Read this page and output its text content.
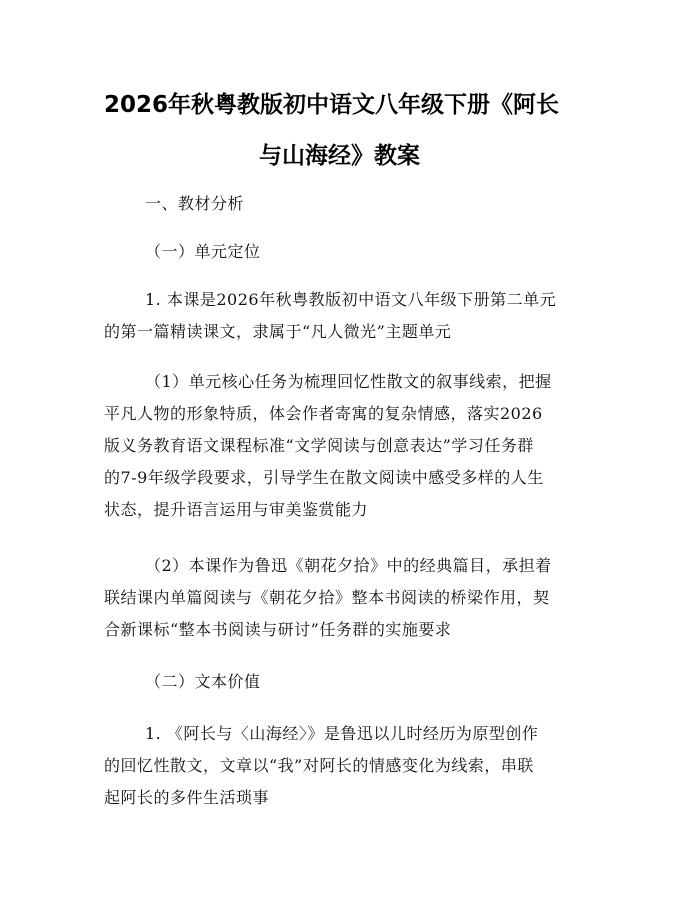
2026年秋粤教版初中语文八年级下册《阿长
与山海经》教案
一、教材分析
（一）单元定位
1. 本课是2026年秋粤教版初中语文八年级下册第二单元
的第一篇精读课文，隶属于“凡人微光”主题单元
（1）单元核心任务为梳理回忆性散文的叙事线索，把握
平凡人物的形象特质，体会作者寄寓的复杂情感，落实2026
版义务教育语文课程标准“文学阅读与创意表达”学习任务群
的7-9年级学段要求，引导学生在散文阅读中感受多样的人生
状态，提升语言运用与审美鉴赏能力
（2）本课作为鲁迅《朝花夕拾》中的经典篇目，承担着
联结课内单篇阅读与《朝花夕拾》整本书阅读的桥梁作用，契
合新课标“整本书阅读与研讨”任务群的实施要求
（二）文本价值
1. 《阿长与〈山海经〉》是鲁迅以儿时经历为原型创作
的回忆性散文，文章以“我”对阿长的情感变化为线索，串联
起阿长的多件生活琐事
